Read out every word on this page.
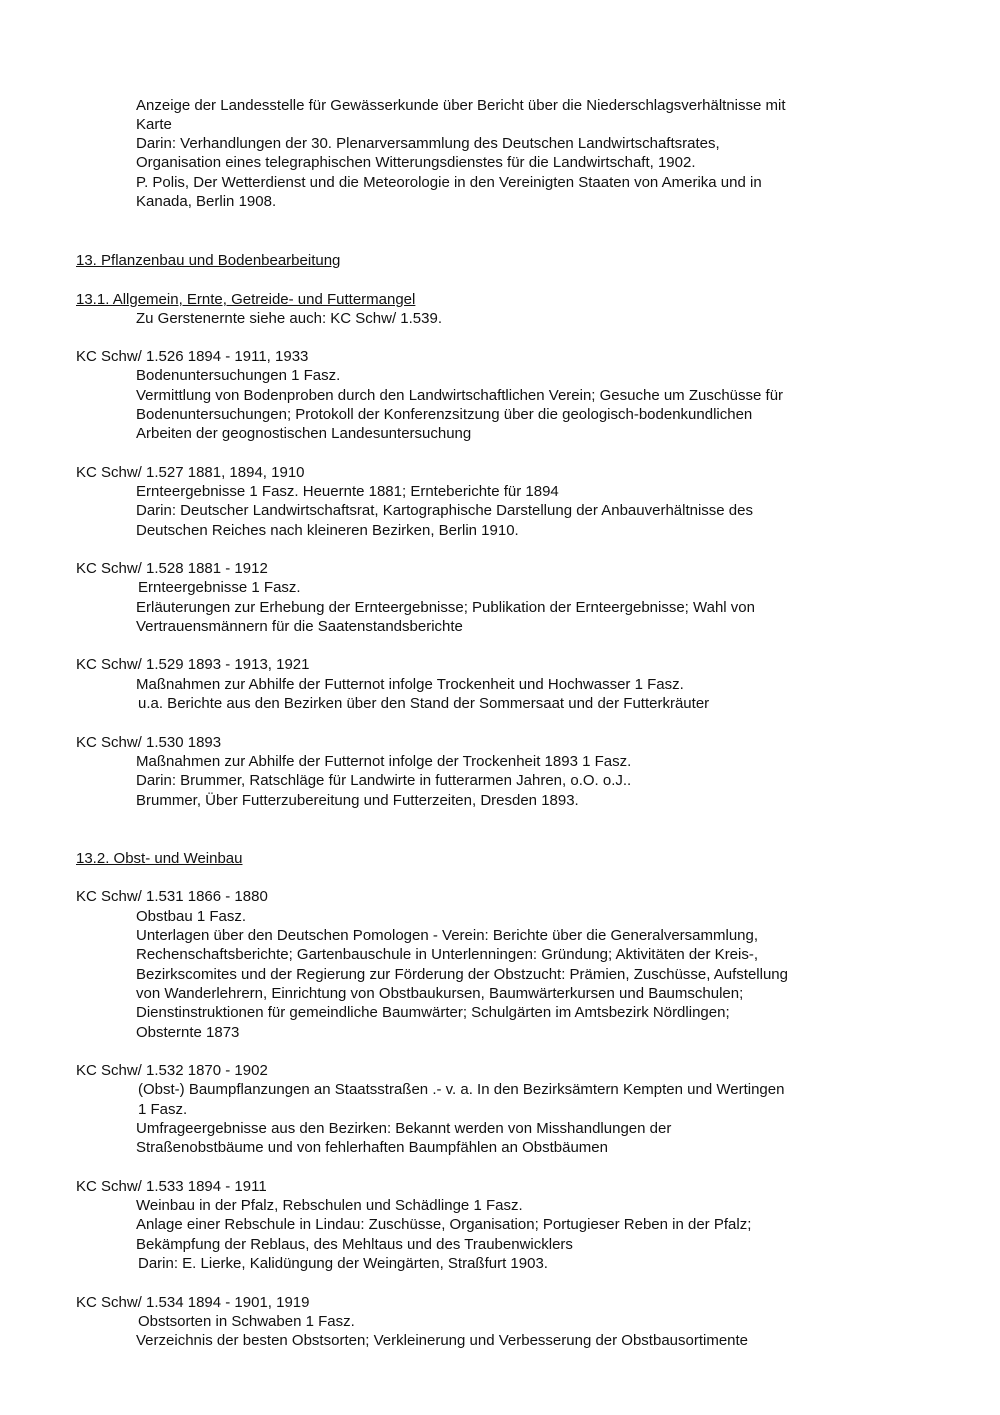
Anzeige der Landesstelle für Gewässerkunde über Bericht über die Niederschlagsverhältnisse mit
Karte
Darin: Verhandlungen der 30. Plenarversammlung des Deutschen Landwirtschaftsrates,
Organisation eines telegraphischen Witterungsdienstes für die Landwirtschaft, 1902.
P. Polis, Der Wetterdienst und die Meteorologie in den Vereinigten Staaten von Amerika und in
Kanada, Berlin 1908.
13. Pflanzenbau und Bodenbearbeitung
13.1. Allgemein, Ernte, Getreide- und Futtermangel
Zu Gerstenernte siehe auch: KC Schw/ 1.539.
KC Schw/ 1.526 1894 - 1911, 1933
Bodenuntersuchungen 1 Fasz.
Vermittlung von Bodenproben durch den Landwirtschaftlichen Verein; Gesuche um Zuschüsse für
Bodenuntersuchungen; Protokoll der Konferenzsitzung über die geologisch-bodenkundlichen
Arbeiten der geognostischen Landesuntersuchung
KC Schw/ 1.527 1881, 1894, 1910
Ernteergebnisse 1 Fasz. Heuernte 1881; Ernteberichte für 1894
Darin: Deutscher Landwirtschaftsrat, Kartographische Darstellung der Anbauverhältnisse des
Deutschen Reiches nach kleineren Bezirken, Berlin 1910.
KC Schw/ 1.528 1881 - 1912
Ernteergebnisse 1 Fasz.
Erläuterungen zur Erhebung der Ernteergebnisse; Publikation der Ernteergebnisse; Wahl von
Vertrauensmännern für die Saatenstandsberichte
KC Schw/ 1.529 1893 - 1913, 1921
Maßnahmen zur Abhilfe der Futternot infolge Trockenheit und Hochwasser 1 Fasz.
u.a. Berichte aus den Bezirken über den Stand der Sommersaat und der Futterkräuter
KC Schw/ 1.530 1893
Maßnahmen zur Abhilfe der Futternot infolge der Trockenheit 1893 1 Fasz.
Darin: Brummer, Ratschläge für Landwirte in futterarmen Jahren, o.O. o.J..
Brummer, Über Futterzubereitung und Futterzeiten, Dresden 1893.
13.2. Obst- und Weinbau
KC Schw/ 1.531 1866 - 1880
Obstbau 1 Fasz.
Unterlagen über den Deutschen Pomologen - Verein: Berichte über die Generalversammlung,
Rechenschaftsberichte; Gartenbauschule in Unterlenningen: Gründung; Aktivitäten der Kreis-,
Bezirkscomites und der Regierung zur Förderung der Obstzucht: Prämien, Zuschüsse, Aufstellung
von Wanderlehrern, Einrichtung von Obstbaukursen, Baumwärterkursen und Baumschulen;
Dienstinstruktionen für gemeindliche Baumwärter; Schulgärten im Amtsbezirk Nördlingen;
Obsternte 1873
KC Schw/ 1.532 1870 - 1902
(Obst-) Baumpflanzungen an Staatsstraßen .- v. a. In den Bezirksämtern Kempten und Wertingen
1 Fasz.
Umfrageergebnisse aus den Bezirken: Bekannt werden von Misshandlungen der
Straßenobstbäume und von fehlerhaften Baumpfählen an Obstbäumen
KC Schw/ 1.533 1894 - 1911
Weinbau in der Pfalz, Rebschulen und Schädlinge 1 Fasz.
Anlage einer Rebschule in Lindau: Zuschüsse, Organisation; Portugieser Reben in der Pfalz;
Bekämpfung der Reblaus, des Mehltaus und des Traubenwicklers
Darin: E. Lierke, Kalidüngung der Weingärten, Straßfurt 1903.
KC Schw/ 1.534 1894 - 1901, 1919
Obstsorten in Schwaben 1 Fasz.
Verzeichnis der besten Obstsorten; Verkleinerung und Verbesserung der Obstbausortimente
